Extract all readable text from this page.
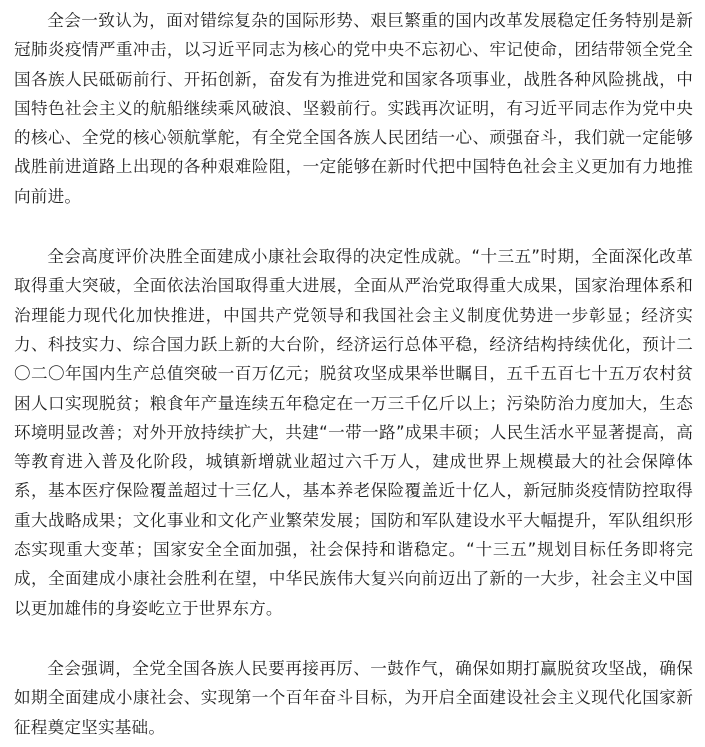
全会一致认为，面对错综复杂的国际形势、艰巨繁重的国内改革发展稳定任务特别是新冠肺炎疫情严重冲击，以习近平同志为核心的党中央不忘初心、牢记使命，团结带领全党全国各族人民砥砺前行、开拓创新，奋发有为推进党和国家各项事业，战胜各种风险挑战，中国特色社会主义的航船继续乘风破浪、坚毅前行。实践再次证明，有习近平同志作为党中央的核心、全党的核心领航掌舵，有全党全国各族人民团结一心、顽强奋斗，我们就一定能够战胜前进道路上出现的各种艰难险阻，一定能够在新时代把中国特色社会主义更加有力地推向前进。

全会高度评价决胜全面建成小康社会取得的决定性成就。“十三五”时期，全面深化改革取得重大突破，全面依法治国取得重大进展，全面从严治党取得重大成果，国家治理体系和治理能力现代化加快推进，中国共产党领导和我国社会主义制度优势进一步彰显；经济实力、科技实力、综合国力跃上新的大台阶，经济运行总体平稳，经济结构持续优化，预计二〇二〇年国内生产总值突破一百万亿元；脱贫攻坚成果举世瞩目，五千五百七十五万农村贫困人口实现脱贫；粮食年产量连续五年稳定在一万三千亿斤以上；污染防治力度加大，生态环境明显改善；对外开放持续扩大，共建“一带一路”成果丰硕；人民生活水平显著提高，高等教育进入普及化阶段，城镇新增就业超过六千万人，建成世界上规模最大的社会保障体系，基本医疗保险覆盖超过十三亿人，基本养老保险覆盖近十亿人，新冠肺炎疫情防控取得重大战略成果；文化事业和文化产业繁荣发展；国防和军队建设水平大幅提升，军队组织形态实现重大变革；国家安全全面加强，社会保持和谐稳定。“十三五”规划目标任务即将完成，全面建成小康社会胜利在望，中华民族伟大复兴向前迈出了新的一大步，社会主义中国以更加雄伟的身姿屹立于世界东方。

全会强调，全党全国各族人民要再接再厉、一鼓作气，确保如期打赢脱贫攻坚战，确保如期全面建成小康社会、实现第一个百年奋斗目标，为开启全面建设社会主义现代化国家新征程奠定坚实基础。
